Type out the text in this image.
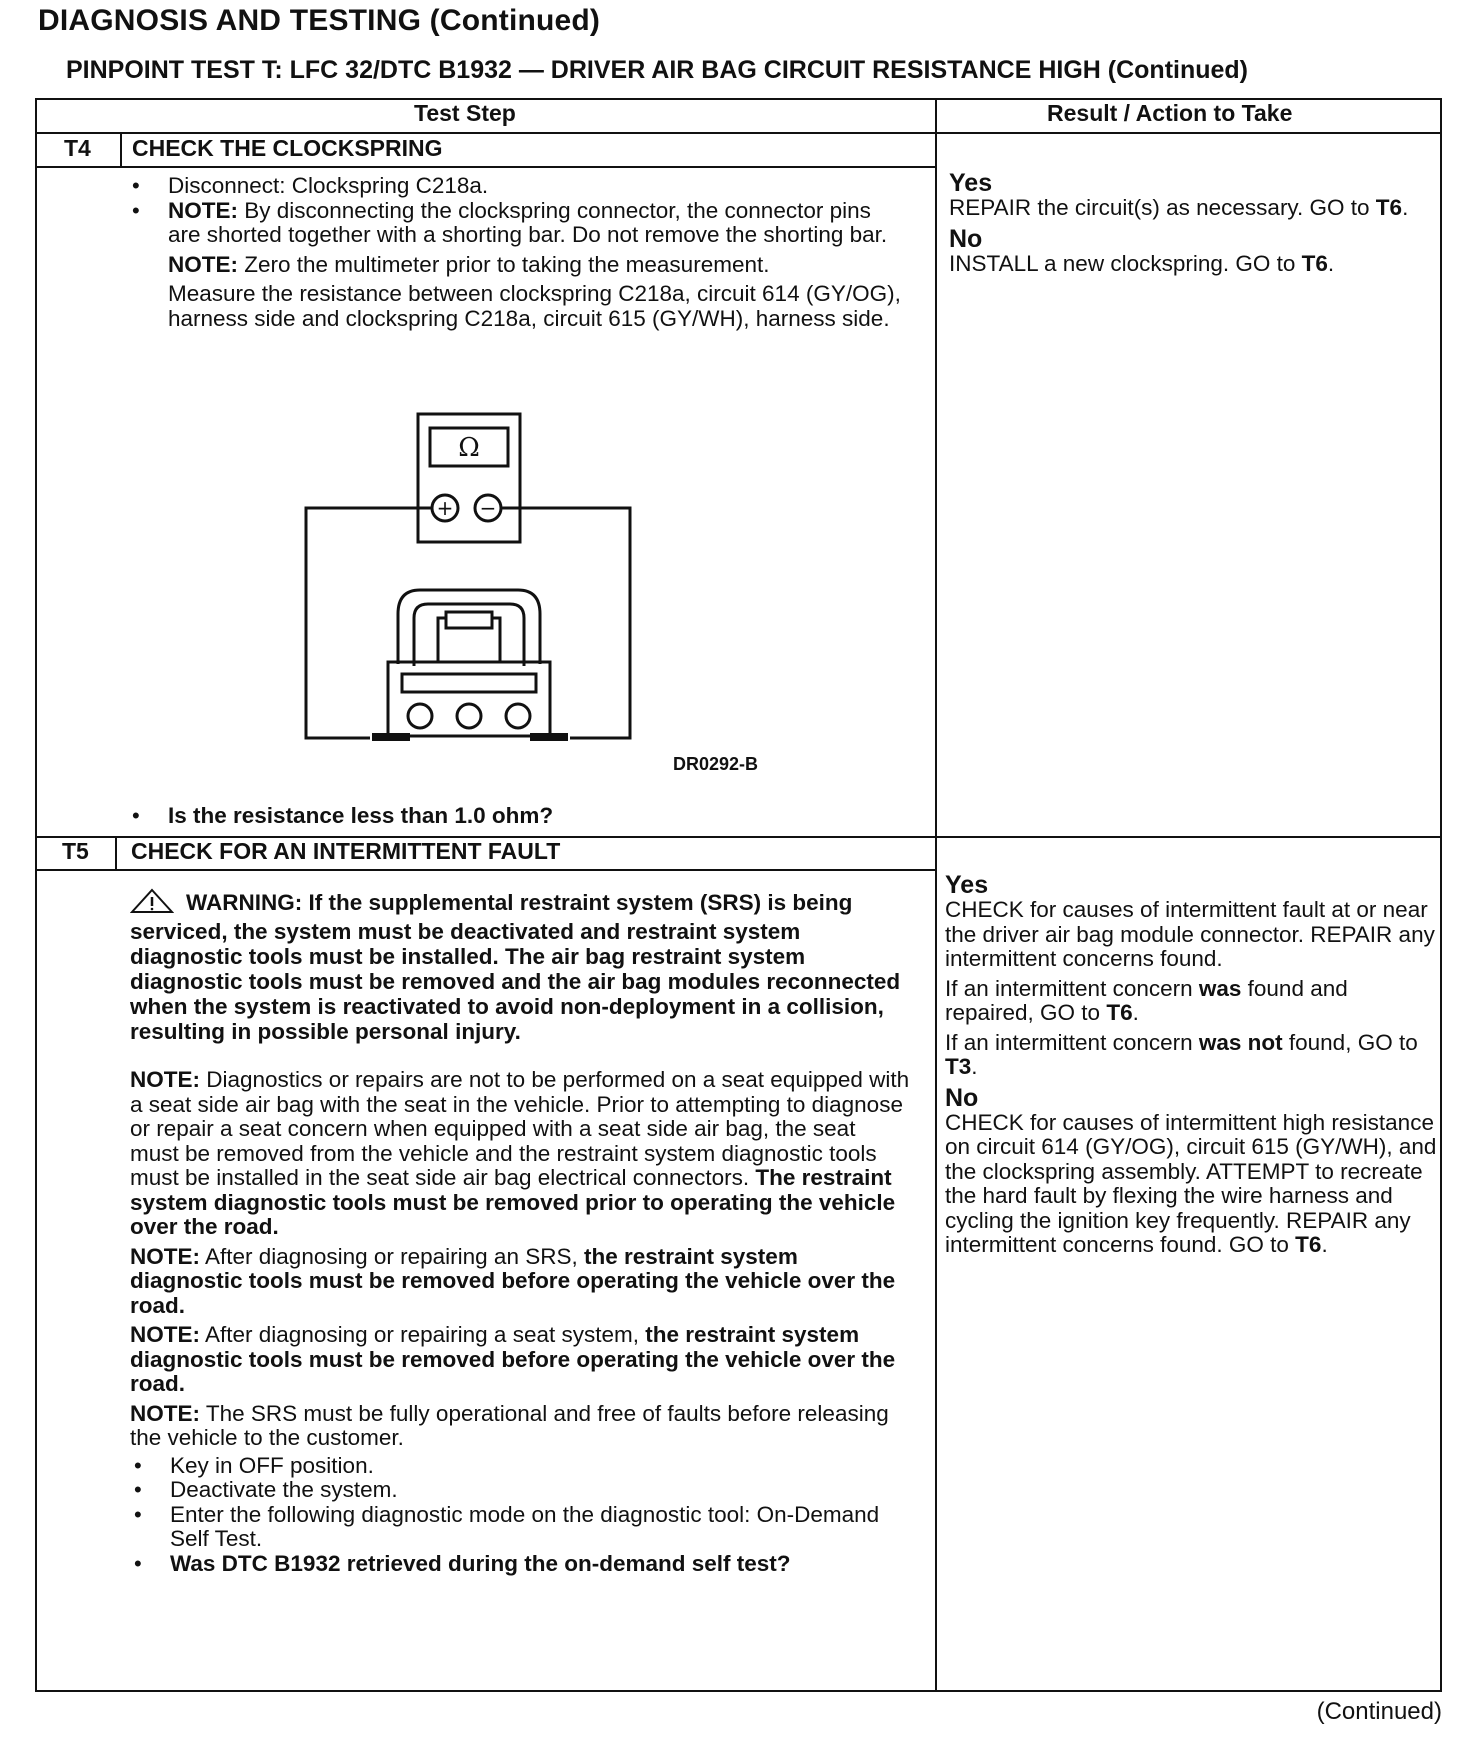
DIAGNOSIS AND TESTING (Continued)
PINPOINT TEST T: LFC 32/DTC B1932 — DRIVER AIR BAG CIRCUIT RESISTANCE HIGH (Continued)
Test Step	Result / Action to Take
T4 CHECK THE CLOCKSPRING
• Disconnect: Clockspring C218a.
• NOTE: By disconnecting the clockspring connector, the connector pins are shorted together with a shorting bar. Do not remove the shorting bar.
NOTE: Zero the multimeter prior to taking the measurement.
Measure the resistance between clockspring C218a, circuit 614 (GY/OG), harness side and clockspring C218a, circuit 615 (GY/WH), harness side.
Ω
+ −
DR0292-B
• Is the resistance less than 1.0 ohm?
Yes
REPAIR the circuit(s) as necessary. GO to T6.
No
INSTALL a new clockspring. GO to T6.
T5 CHECK FOR AN INTERMITTENT FAULT
WARNING: If the supplemental restraint system (SRS) is being serviced, the system must be deactivated and restraint system diagnostic tools must be installed. The air bag restraint system diagnostic tools must be removed and the air bag modules reconnected when the system is reactivated to avoid non-deployment in a collision, resulting in possible personal injury.
NOTE: Diagnostics or repairs are not to be performed on a seat equipped with a seat side air bag with the seat in the vehicle. Prior to attempting to diagnose or repair a seat concern when equipped with a seat side air bag, the seat must be removed from the vehicle and the restraint system diagnostic tools must be installed in the seat side air bag electrical connectors. The restraint system diagnostic tools must be removed prior to operating the vehicle over the road.
NOTE: After diagnosing or repairing an SRS, the restraint system diagnostic tools must be removed before operating the vehicle over the road.
NOTE: After diagnosing or repairing a seat system, the restraint system diagnostic tools must be removed before operating the vehicle over the road.
NOTE: The SRS must be fully operational and free of faults before releasing the vehicle to the customer.
• Key in OFF position.
• Deactivate the system.
• Enter the following diagnostic mode on the diagnostic tool: On-Demand Self Test.
• Was DTC B1932 retrieved during the on-demand self test?
Yes
CHECK for causes of intermittent fault at or near the driver air bag module connector. REPAIR any intermittent concerns found.
If an intermittent concern was found and repaired, GO to T6.
If an intermittent concern was not found, GO to T3.
No
CHECK for causes of intermittent high resistance on circuit 614 (GY/OG), circuit 615 (GY/WH), and the clockspring assembly. ATTEMPT to recreate the hard fault by flexing the wire harness and cycling the ignition key frequently. REPAIR any intermittent concerns found. GO to T6.
(Continued)
